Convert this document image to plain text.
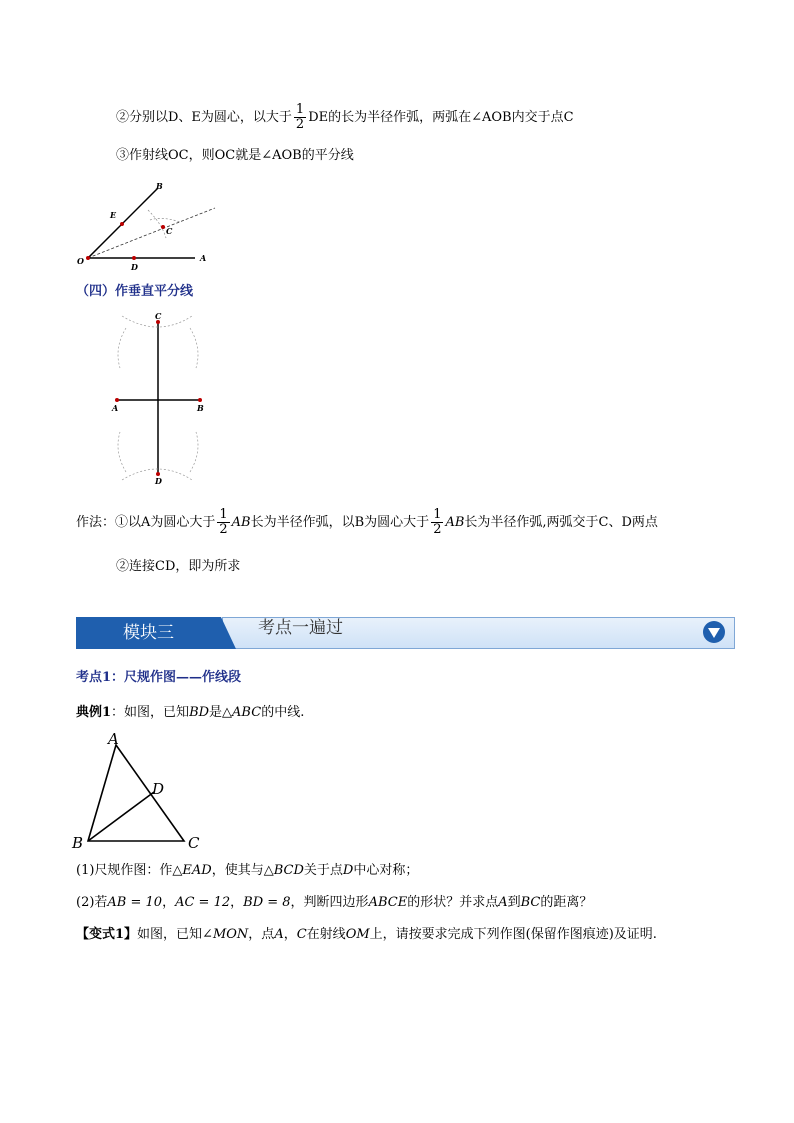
②分别以D、E为圆心，以大于 $\frac{1}{2}$ DE的长为半径作弧，两弧在∠AOB内交于点C
③作射线OC，则OC就是∠AOB的平分线
B
E
C
O
D
A
（四）作垂直平分线
C
A	B
D
作法：①以A为圆心大于 $\frac{1}{2}$ AB长为半径作弧，以B为圆心大于 $\frac{1}{2}$ AB长为半径作弧,两弧交于C、D两点
②连接CD，即为所求
模块三	考点一遍过
考点1：尺规作图——作线段
典例1：如图，已知BD是△ABC的中线.
A
D
B	C
(1)尺规作图：作△EAD，使其与△BCD关于点D中心对称；
(2)若AB = 10，AC = 12，BD = 8，判断四边形ABCE的形状？并求点A到BC的距离？
【变式1】如图，已知∠MON，点A，C在射线OM上，请按要求完成下列作图(保留作图痕迹)及证明.
